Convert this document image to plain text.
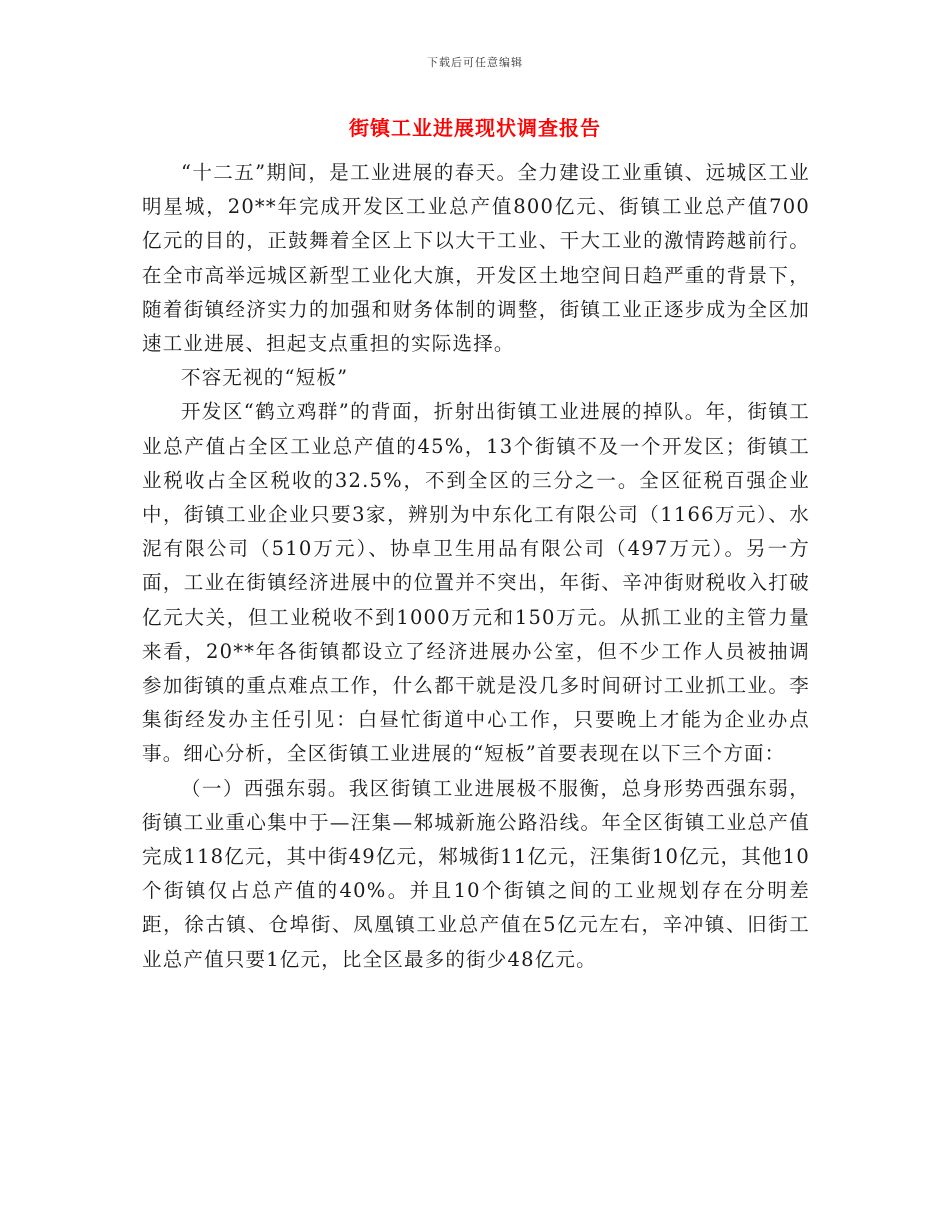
下载后可任意编辑
街镇工业进展现状调查报告

“十二五”期间，是工业进展的春天。全力建设工业重镇、远城区工业明星城，20**年完成开发区工业总产值800亿元、街镇工业总产值700亿元的目的，正鼓舞着全区上下以大干工业、干大工业的激情跨越前行。在全市高举远城区新型工业化大旗，开发区土地空间日趋严重的背景下，随着街镇经济实力的加强和财务体制的调整，街镇工业正逐步成为全区加速工业进展、担起支点重担的实际选择。

不容无视的“短板”

开发区“鹤立鸡群”的背面，折射出街镇工业进展的掉队。年，街镇工业总产值占全区工业总产值的45%，13个街镇不及一个开发区；街镇工业税收占全区税收的32.5%，不到全区的三分之一。全区征税百强企业中，街镇工业企业只要3家，辨别为中东化工有限公司（1166万元）、水泥有限公司（510万元）、协卓卫生用品有限公司（497万元）。另一方面，工业在街镇经济进展中的位置并不突出，年街、辛冲街财税收入打破亿元大关，但工业税收不到1000万元和150万元。从抓工业的主管力量来看，20**年各街镇都设立了经济进展办公室，但不少工作人员被抽调参加街镇的重点难点工作，什么都干就是没几多时间研讨工业抓工业。李集街经发办主任引见：白昼忙街道中心工作，只要晚上才能为企业办点事。细心分析，全区街镇工业进展的“短板”首要表现在以下三个方面：

（一）西强东弱。我区街镇工业进展极不服衡，总身形势西强东弱，街镇工业重心集中于—汪集—邾城新施公路沿线。年全区街镇工业总产值完成118亿元，其中街49亿元，邾城街11亿元，汪集街10亿元，其他10个街镇仅占总产值的40%。并且10个街镇之间的工业规划存在分明差距，徐古镇、仓埠街、凤凰镇工业总产值在5亿元左右，辛冲镇、旧街工业总产值只要1亿元，比全区最多的街少48亿元。
